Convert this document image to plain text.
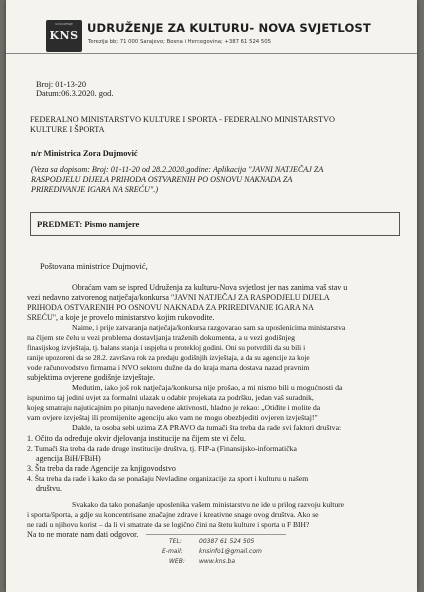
UDRUŽENJE
KNS
UDRUŽENJE ZA KULTURU- NOVA SVJETLOST
Terezija bb; 71 000 Sarajevo; Bosna i Hercegovina; +387 61 524 505
Broj: 01-13-20
Datum:06.3.2020. god.
FEDERALNO MINISTARSTVO KULTURE I SPORTA - FEDERALNO MINISTARSTVO
KULTURE I ŠPORTA
n/r Ministrica Zora Dujmović
(Veza sa dopisom: Broj: 01-11-20 od 28.2.2020.godine: Aplikacija "JAVNI NATJEČAJ ZA
RASPODJELU DIJELA PRIHODA OSTVARENIH PO OSNOVU NAKNADA ZA
PRIREDIVANJE IGARA NA SREĆU".)
PREDMET: Pismo namjere
Poštovana ministrice Dujmović,
Obraćam vam se ispred Udruženja za kulturu-Nova svjetlost jer nas zanima vaš stav u
vezi nedavno zatvorenog natječaja/konkursa "JAVNI NATJEČAJ ZA RASPODJELU DIJELA
PRIHODA OSTVARENIH PO OSNOVU NAKNADA ZA PRIREDIVANJE IGARA NA
SREĆU", a koje je provelo ministarstvo kojim rukovodite.
Naime, i prije zatvaranja natječaja/konkursa razgovarao sam sa uposlenicima ministarstva
na čijem ste čelu u vezi problema dostavljanja traženih dokumenta, a u vezi godišnjeg
finasijskog izvještaja, tj. balans stanja i uspjeha u protekloj godini. Oni su potvrdili da su bili i
ranije upozoreni da se 28.2. završava rok za predaju godišnjih izvještaja, a da su agencije za koje
vode računovodstvo firmama i NVO sektoru dužne da do kraja marta dostava nazad pravnim
subjektima ovjerene godišnje izvještaje.
Međutim, iako još rok natječaja/konkursa nije prošao, a mi nismo bili u mogućnosti da
ispunimo taj jedini uvjet za formalni ulazak u odabir projekata za podršku, jedan vaš suradnik,
kojeg smatraju najuticajnim po pitanju navedene aktivnosti, hladno je rekao: „Otiđite i molite da
vam ovjere izvještaj ili promijenite agenciju ako vam ne mogu obezbjediti ovjeren izvještaj!"
Dakle, ta osoba sebi uzima ZA PRAVO da tumači šta treba da rade svi faktori društva:
1. Očito da određuje okvir djelovanja institucije na čijem ste vi čelu.
2. Tumači šta treba da rade druge institucije društva, tj. FIP-a (Finansijsko-informatička
agencija BiH/FBiH)
3. Šta treba da rade Agencije za knjigovodstvo
4. Šta treba da rade i kako da se ponašaju Nevladine organizacije za sport i kulturu u našem
društvu.
Svakako da tako ponašanje uposlenika vašem ministarstvu ne ide u prilog razvoju kulture
i sporta/športa, a gdje su koncentrisane značajne zdrave i kreativne snage ovog društva. Ako se
ne radi u njihovu korist – da li vi smatrate da se logično čini na štetu kulture i sporta u F BIH?
Na to ne morate nam dati odgovor.
TEL:	00387 61 524 505
E-mail:	knsinfo1@gmail.com
WEB: www.kns.ba
